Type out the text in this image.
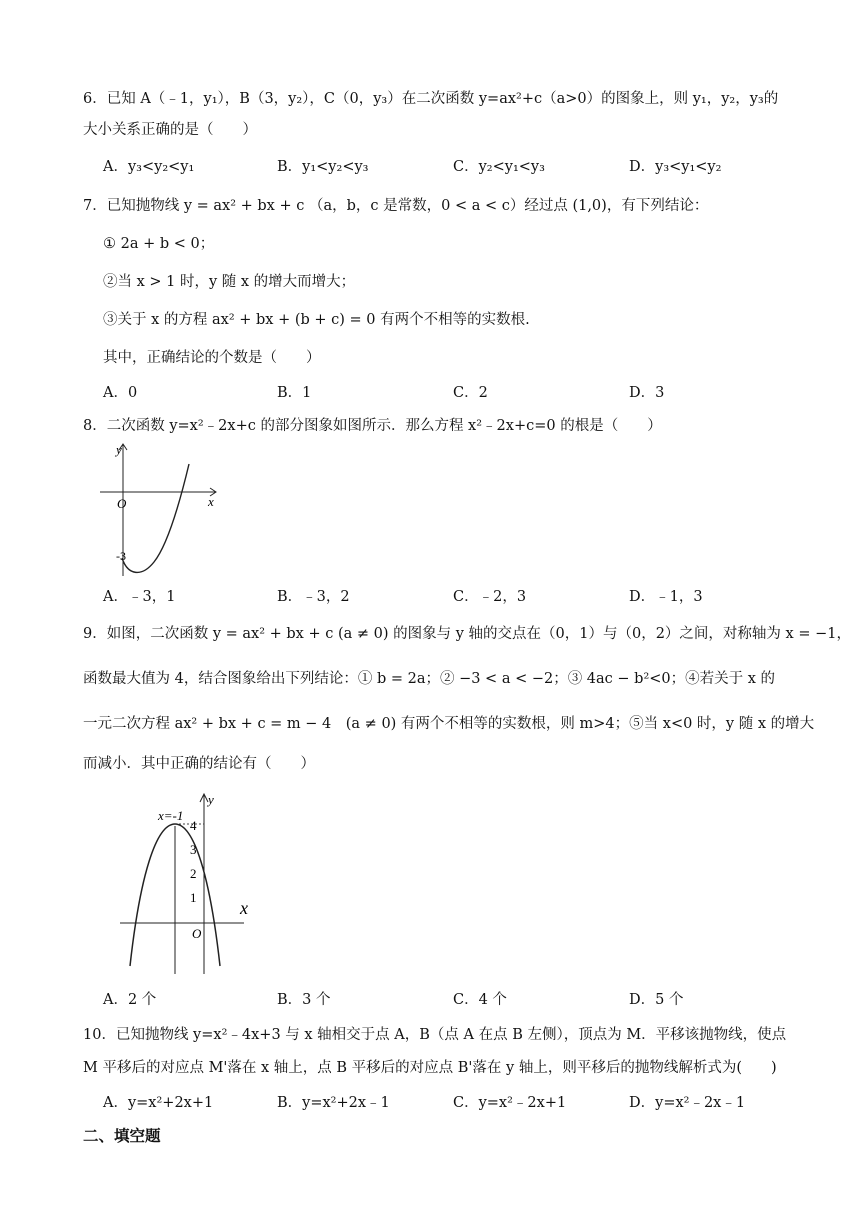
6．已知 A（﹣1，y₁），B（3，y₂），C（0，y₃）在二次函数 y=ax²+c（a>0）的图象上，则 y₁，y₂，y₃的
大小关系正确的是（　　）
A．y₃<y₂<y₁	B．y₁<y₂<y₃	C．y₂<y₁<y₃	D．y₃<y₁<y₂
7．已知抛物线 y = ax² + bx + c （a，b，c 是常数，0 < a < c）经过点 (1,0)，有下列结论：
① 2a + b < 0；
②当 x > 1 时，y 随 x 的增大而增大；
③关于 x 的方程 ax² + bx + (b + c) = 0 有两个不相等的实数根.
其中，正确结论的个数是（　　）
A．0	B．1	C．2	D．3
8．二次函数 y=x²﹣2x+c 的部分图象如图所示．那么方程 x²﹣2x+c=0 的根是（　　）
y
x
O
-3
A．﹣3，1	B．﹣3，2	C．﹣2，3	D．﹣1，3
9．如图，二次函数 y = ax² + bx + c (a ≠ 0) 的图象与 y 轴的交点在（0，1）与（0，2）之间，对称轴为 x = −1，
函数最大值为 4，结合图象给出下列结论：① b = 2a；② −3 < a < −2；③ 4ac − b²<0；④若关于 x 的
一元二次方程 ax² + bx + c = m − 4　(a ≠ 0) 有两个不相等的实数根，则 m>4；⑤当 x<0 时，y 随 x 的增大
而减小．其中正确的结论有（　　）
x=-1
y
x
O
4
3
2
1
A．2 个	B．3 个	C．4 个	D．5 个
10．已知抛物线 y=x²﹣4x+3 与 x 轴相交于点 A，B（点 A 在点 B 左侧），顶点为 M．平移该抛物线，使点
M 平移后的对应点 M'落在 x 轴上，点 B 平移后的对应点 B'落在 y 轴上，则平移后的抛物线解析式为(　　)
A．y=x²+2x+1	B．y=x²+2x﹣1	C．y=x²﹣2x+1	D．y=x²﹣2x﹣1
二、填空题
